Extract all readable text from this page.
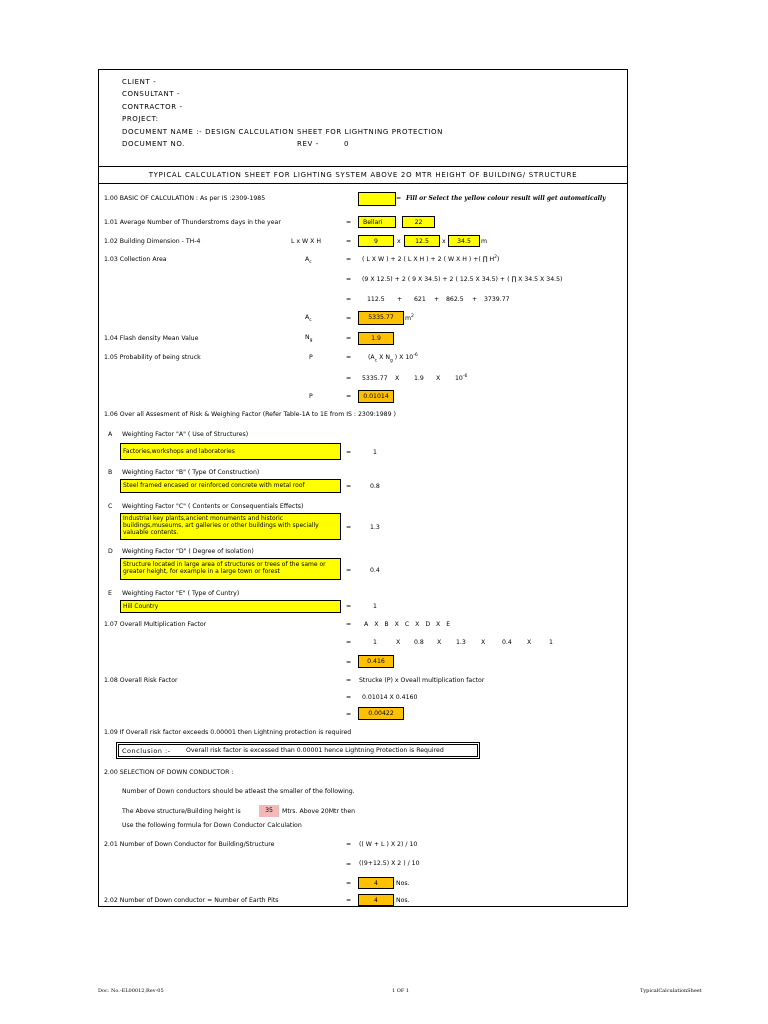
CLIENT -
CONSULTANT -
CONTRACTOR -
PROJECT:
DOCUMENT NAME :- DESIGN CALCULATION SHEET FOR LIGHTNING PROTECTION
DOCUMENT NO.	REV -	0
TYPICAL CALCULATION SHEET FOR LIGHTING SYSTEM ABOVE 2O MTR HEIGHT OF BUILDING/ STRUCTURE
1.00 BASIC OF CALCULATION : As per IS :2309-1985	= Fill or Select the yellow colour result will get automatically
1.01 Average Number of Thunderstroms days in the year	=	Bellari	22
1.02 Building Dimension - TH-4	L x W X H	=	9	x	12.5	x	34.5	m
1.03 Collection Area	$A_c$	= ( L X W ) + 2 ( L X H ) + 2 ( W X H ) +( ∏ $H^2$)
= (9 X 12.5) + 2 ( 9 X 34.5) + 2 ( 12.5 X 34.5) + ( ∏ X 34.5 X 34.5)
=	112.5 + 621 + 862.5 + 3739.77
$A_c$	=	5335.77	$m^2$
1.04 Flash density Mean Value	$N_g$	=	1.9
1.05 Probability of being struck	P	=	($A_c$ X $N_g$ ) X $10^{-6}$
= 5335.77 X 1.9 X $10^{-6}$
P	=	0.01014
1.06 Over all Assesment of Risk & Weighing Factor (Refer Table-1A to 1E from IS : 2309:1989 )
A Weighting Factor "A" ( Use of Structures)
Factories,workshops and laboratories	=	1
B Weighting Factor "B" ( Type Of Construction)
Steel framed encased or reinforced concrete with metal roof	=	0.8
C Weighting Factor "C" ( Contents or Consequentials Effects)
Industrial key plants,ancient monuments and historic buildings,museums, art galleries or other buildings with specially valuable contents.
=	1.3
D Weighting Factor "D" ( Degree of Isolation)
Structure located in large area of structures or trees of the same or greater height, for example in a large town or forest	=	0.4
E Weighting Factor "E" ( Type of Cuntry)
Hill Country	=	1
1.07 Overall Multiplication Factor	= A X B X C X D X E
=	1	X 0.8 X 1.3 X	0.4 X	1
=	0.416
1.08 Overall Risk Factor	= Strucke (P) x Oveall multiplication factor
= 0.01014 X 0.4160
=	0.00422
1.09 If Overall risk factor exceeds 0.00001 then Lightning protection is required
Conclusion :- Overall risk factor is excessed than 0.00001 hence Lightning Protection is Required
2.00 SELECTION OF DOWN CONDUCTOR :
Number of Down conductors should be atleast the smaller of the following.
The Above structure/Building height is	35	Mtrs. Above 20Mtr then
Use the following formula for Down Conductor Calculation
2.01 Number of Down Conductor for Building/Structure	= (( W + L ) X 2) / 10
= ((9+12.5) X 2 ) / 10
=	4	Nos.
2.02 Number of Down conductor = Number of Earth Pits	=	4	Nos.
Doc. No.-EL00012,Rev-05	1 OF 1	TypicalCalculationSheet
